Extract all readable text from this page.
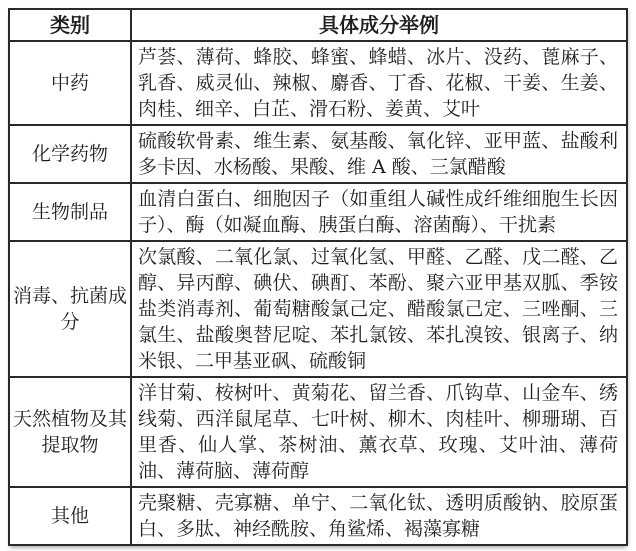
类别	具体成分举例
中药	芦荟、薄荷、蜂胶、蜂蜜、蜂蜡、冰片、没药、蓖麻子、乳香、威灵仙、辣椒、麝香、丁香、花椒、干姜、生姜、肉桂、细辛、白芷、滑石粉、姜黄、艾叶
化学药物	硫酸软骨素、维生素、氨基酸、氧化锌、亚甲蓝、盐酸利多卡因、水杨酸、果酸、维 A 酸、三氯醋酸
生物制品	血清白蛋白、细胞因子（如重组人碱性成纤维细胞生长因子）、酶（如凝血酶、胰蛋白酶、溶菌酶）、干扰素
消毒、抗菌成分	次氯酸、二氧化氯、过氧化氢、甲醛、乙醛、戊二醛、乙醇、异丙醇、碘伏、碘酊、苯酚、聚六亚甲基双胍、季铵盐类消毒剂、葡萄糖酸氯己定、醋酸氯己定、三唑酮、三氯生、盐酸奥替尼啶、苯扎氯铵、苯扎溴铵、银离子、纳米银、二甲基亚砜、硫酸铜
天然植物及其提取物	洋甘菊、桉树叶、黄菊花、留兰香、爪钩草、山金车、绣线菊、西洋鼠尾草、七叶树、柳木、肉桂叶、柳珊瑚、百里香、仙人掌、茶树油、薰衣草、玫瑰、艾叶油、薄荷油、薄荷脑、薄荷醇
其他	壳聚糖、壳寡糖、单宁、二氧化钛、透明质酸钠、胶原蛋白、多肽、神经酰胺、角鲨烯、褐藻寡糖
